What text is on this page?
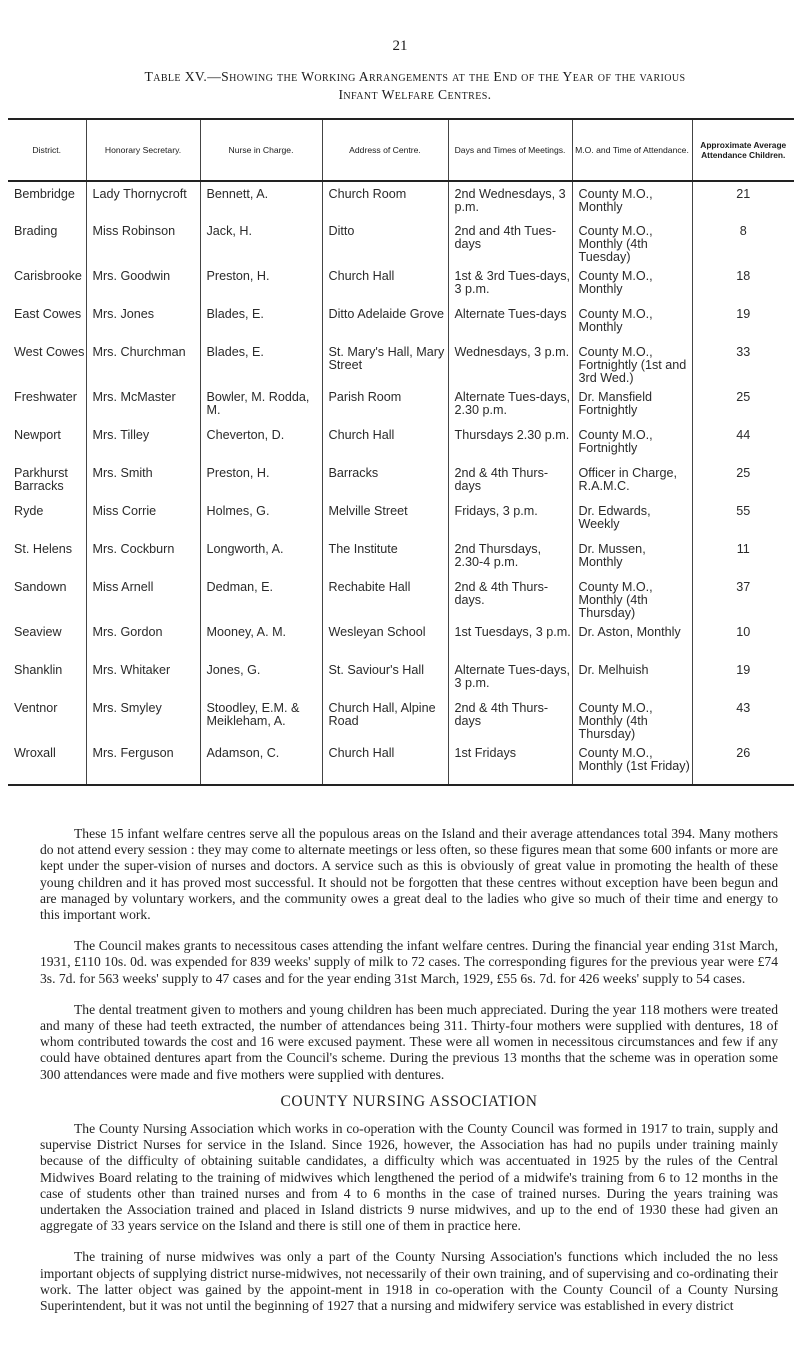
21
Table XV.—Showing the Working Arrangements at the End of the Year of the various
Infant Welfare Centres.
District.	Honorary Secretary.	Nurse in Charge.	Address of Centre.	Days and Times of Meetings.	M.O. and Time of Attendance.	Approximate Average Attendance Children.
Bembridge	Lady Thornycroft	Bennett, A.	Church Room	2nd Wednesdays, 3 p.m.	County M.O., Monthly	21
Brading	Miss Robinson	Jack, H.	Ditto	2nd and 4th Tues-days	County M.O., Monthly (4th Tuesday)	8
Carisbrooke	Mrs. Goodwin	Preston, H.	Church Hall	1st & 3rd Tues-days, 3 p.m.	County M.O., Monthly	18
East Cowes	Mrs. Jones	Blades, E.	Ditto Adelaide Grove	Alternate Tues-days	County M.O., Monthly	19
West Cowes	Mrs. Churchman	Blades, E.	St. Mary's Hall, Mary Street	Wednesdays, 3 p.m.	County M.O., Fortnightly (1st and 3rd Wed.)	33
Freshwater	Mrs. McMaster	Bowler, M. Rodda, M.	Parish Room	Alternate Tues-days, 2.30 p.m.	Dr. Mansfield Fortnightly	25
Newport	Mrs. Tilley	Cheverton, D.	Church Hall	Thursdays 2.30 p.m.	County M.O., Fortnightly	44
Parkhurst Barracks	Mrs. Smith	Preston, H.	Barracks	2nd & 4th Thurs-days	Officer in Charge, R.A.M.C.	25
Ryde	Miss Corrie	Holmes, G.	Melville Street	Fridays, 3 p.m.	Dr. Edwards, Weekly	55
St. Helens	Mrs. Cockburn	Longworth, A.	The Institute	2nd Thursdays, 2.30-4 p.m.	Dr. Mussen, Monthly	11
Sandown	Miss Arnell	Dedman, E.	Rechabite Hall	2nd & 4th Thurs-days.	County M.O., Monthly (4th Thursday)	37
Seaview	Mrs. Gordon	Mooney, A. M.	Wesleyan School	1st Tuesdays, 3 p.m.	Dr. Aston, Monthly	10
Shanklin	Mrs. Whitaker	Jones, G.	St. Saviour's Hall	Alternate Tues-days, 3 p.m.	Dr. Melhuish	19
Ventnor	Mrs. Smyley	Stoodley, E.M. & Meikleham, A.	Church Hall, Alpine Road	2nd & 4th Thurs-days	County M.O., Monthly (4th Thursday)	43
Wroxall	Mrs. Ferguson	Adamson, C.	Church Hall	1st Fridays	County M.O., Monthly (1st Friday)	26

These 15 infant welfare centres serve all the populous areas on the Island and their average attendances total 394. Many mothers do not attend every session : they may come to alternate meetings or less often, so these figures mean that some 600 infants or more are kept under the super-vision of nurses and doctors. A service such as this is obviously of great value in promoting the health of these young children and it has proved most successful. It should not be forgotten that these centres without exception have been begun and are managed by voluntary workers, and the community owes a great deal to the ladies who give so much of their time and energy to this important work.

The Council makes grants to necessitous cases attending the infant welfare centres. During the financial year ending 31st March, 1931, £110 10s. 0d. was expended for 839 weeks' supply of milk to 72 cases. The corresponding figures for the previous year were £74 3s. 7d. for 563 weeks' supply to 47 cases and for the year ending 31st March, 1929, £55 6s. 7d. for 426 weeks' supply to 54 cases.

The dental treatment given to mothers and young children has been much appreciated. During the year 118 mothers were treated and many of these had teeth extracted, the number of attendances being 311. Thirty-four mothers were supplied with dentures, 18 of whom contributed towards the cost and 16 were excused payment. These were all women in necessitous circumstances and few if any could have obtained dentures apart from the Council's scheme. During the previous 13 months that the scheme was in operation some 300 attendances were made and five mothers were supplied with dentures.

COUNTY NURSING ASSOCIATION

The County Nursing Association which works in co-operation with the County Council was formed in 1917 to train, supply and supervise District Nurses for service in the Island. Since 1926, however, the Association has had no pupils under training mainly because of the difficulty of obtaining suitable candidates, a difficulty which was accentuated in 1925 by the rules of the Central Midwives Board relating to the training of midwives which lengthened the period of a midwife's training from 6 to 12 months in the case of students other than trained nurses and from 4 to 6 months in the case of trained nurses. During the years training was undertaken the Association trained and placed in Island districts 9 nurse midwives, and up to the end of 1930 these had given an aggregate of 33 years service on the Island and there is still one of them in practice here.

The training of nurse midwives was only a part of the County Nursing Association's functions which included the no less important objects of supplying district nurse-midwives, not necessarily of their own training, and of supervising and co-ordinating their work. The latter object was gained by the appoint-ment in 1918 in co-operation with the County Council of a County Nursing Superintendent, but it was not until the beginning of 1927 that a nursing and midwifery service was established in every district
